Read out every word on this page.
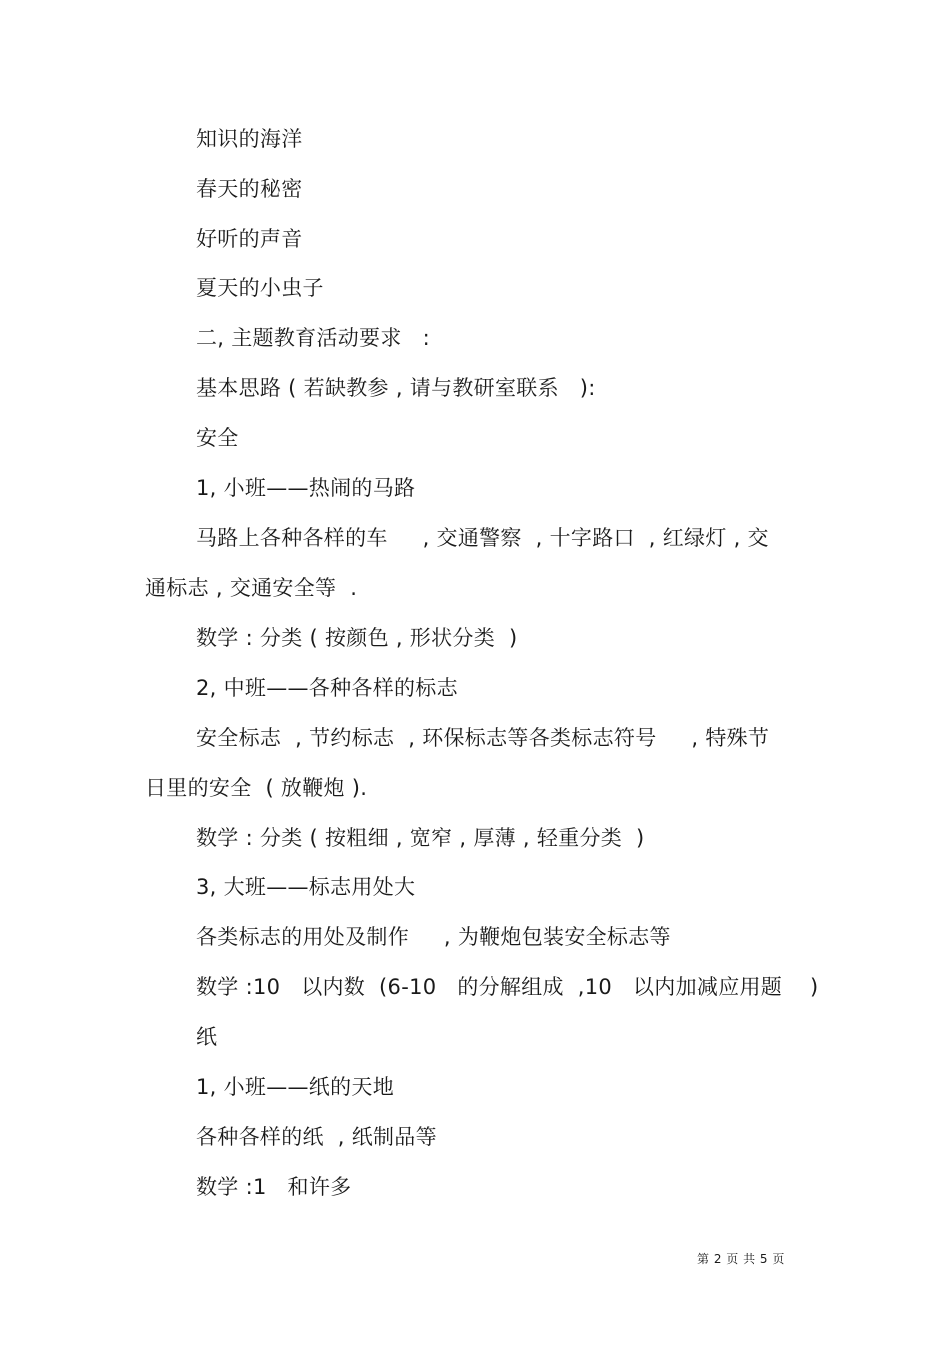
知识的海洋
春天的秘密
好听的声音
夏天的小虫子
二, 主题教育活动要求   :
基本思路 ( 若缺教参 , 请与教研室联系   ):
安全
1, 小班——热闹的马路
马路上各种各样的车     , 交通警察  , 十字路口  , 红绿灯 , 交
通标志 , 交通安全等  .
数学 : 分类 ( 按颜色 , 形状分类  )
2, 中班——各种各样的标志
安全标志  , 节约标志  , 环保标志等各类标志符号     , 特殊节
日里的安全  ( 放鞭炮 ).
数学 : 分类 ( 按粗细 , 宽窄 , 厚薄 , 轻重分类  )
3, 大班——标志用处大
各类标志的用处及制作     , 为鞭炮包装安全标志等
数学 :10   以内数  (6-10   的分解组成  ,10   以内加减应用题    )
纸
1, 小班——纸的天地
各种各样的纸  , 纸制品等
数学 :1   和许多
第 2 页 共 5 页
